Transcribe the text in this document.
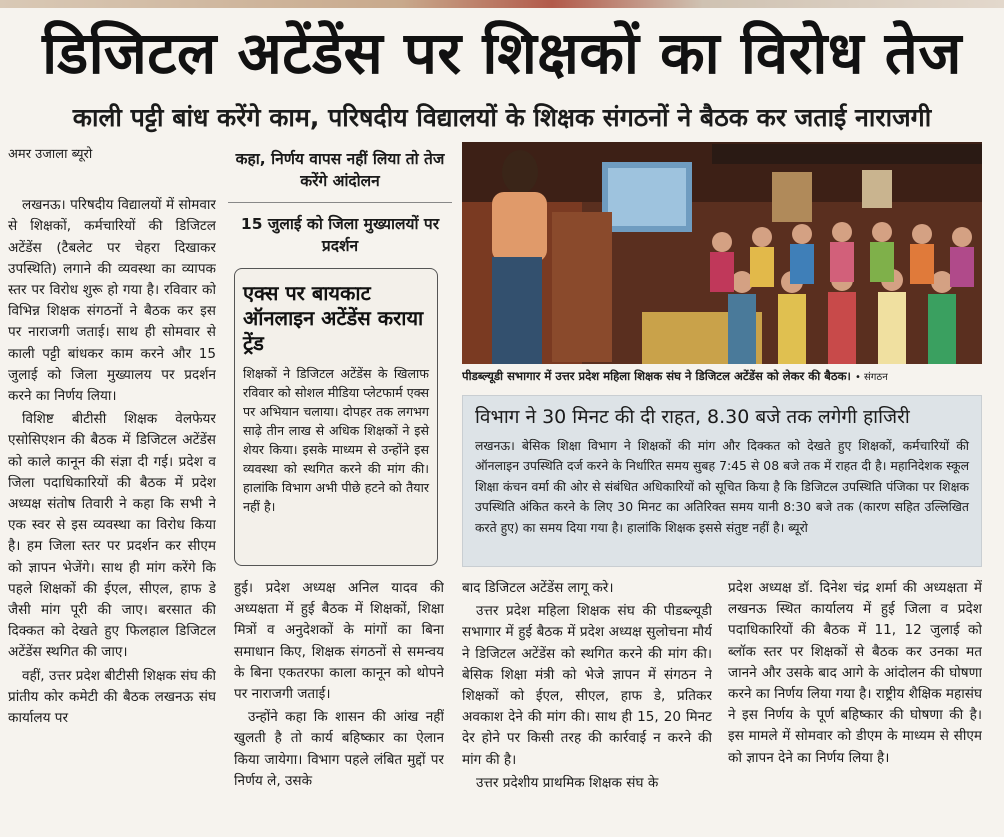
डिजिटल अटेंडेंस पर शिक्षकों का विरोध तेज
काली पट्टी बांध करेंगे काम, परिषदीय विद्यालयों के शिक्षक संगठनों ने बैठक कर जताई नाराजगी

अमर उजाला ब्यूरो

लखनऊ। परिषदीय विद्यालयों में सोमवार से शिक्षकों, कर्मचारियों की डिजिटल अटेंडेंस (टैबलेट पर चेहरा दिखाकर उपस्थिति) लगाने की व्यवस्था का व्यापक स्तर पर विरोध शुरू हो गया है। रविवार को विभिन्न शिक्षक संगठनों ने बैठक कर इस पर नाराजगी जताई। साथ ही सोमवार से काली पट्टी बांधकर काम करने और 15 जुलाई को जिला मुख्यालय पर प्रदर्शन करने का निर्णय लिया।

विशिष्ट बीटीसी शिक्षक वेलफेयर एसोसिएशन की बैठक में डिजिटल अटेंडेंस को काले कानून की संज्ञा दी गई। प्रदेश व जिला पदाधिकारियों की बैठक में प्रदेश अध्यक्ष संतोष तिवारी ने कहा कि सभी ने एक स्वर से इस व्यवस्था का विरोध किया है। हम जिला स्तर पर प्रदर्शन कर सीएम को ज्ञापन भेजेंगे। साथ ही मांग करेंगे कि पहले शिक्षकों की ईएल, सीएल, हाफ डे जैसी मांग पूरी की जाए। बरसात की दिक्कत को देखते हुए फिलहाल डिजिटल अटेंडेंस स्थगित की जाए।

वहीं, उत्तर प्रदेश बीटीसी शिक्षक संघ की प्रांतीय कोर कमेटी की बैठक लखनऊ संघ कार्यालय पर

कहा, निर्णय वापस नहीं लिया तो तेज करेंगे आंदोलन
15 जुलाई को जिला मुख्यालयों पर प्रदर्शन
एक्स पर बायकाट ऑनलाइन अटेंडेंस कराया ट्रेंड

शिक्षकों ने डिजिटल अटेंडेंस के खिलाफ रविवार को सोशल मीडिया प्लेटफार्म एक्स पर अभियान चलाया। दोपहर तक लगभग साढ़े तीन लाख से अधिक शिक्षकों ने इसे शेयर किया। इसके माध्यम से उन्होंने इस व्यवस्था को स्थगित करने की मांग की। हालांकि विभाग अभी पीछे हटने को तैयार नहीं है।

पीडब्ल्यूडी सभागार में उत्तर प्रदेश महिला शिक्षक संघ ने डिजिटल अटेंडेंस को लेकर की बैठक। • संगठन
विभाग ने 30 मिनट की दी राहत, 8.30 बजे तक लगेगी हाजिरी

लखनऊ। बेसिक शिक्षा विभाग ने शिक्षकों की मांग और दिक्कत को देखते हुए शिक्षकों, कर्मचारियों की ऑनलाइन उपस्थिति दर्ज करने के निर्धारित समय सुबह 7:45 से 08 बजे तक में राहत दी है। महानिदेशक स्कूल शिक्षा कंचन वर्मा की ओर से संबंधित अधिकारियों को सूचित किया है कि डिजिटल उपस्थिति पंजिका पर शिक्षक उपस्थिति अंकित करने के लिए 30 मिनट का अतिरिक्त समय यानी 8:30 बजे तक (कारण सहित उल्लिखित करते हुए) का समय दिया गया है। हालांकि शिक्षक इससे संतुष्ट नहीं है। ब्यूरो

हुई। प्रदेश अध्यक्ष अनिल यादव की अध्यक्षता में हुई बैठक में शिक्षकों, शिक्षा मित्रों व अनुदेशकों के मांगों का बिना समाधान किए, शिक्षक संगठनों से समन्वय के बिना एकतरफा काला कानून को थोपने पर नाराजगी जताई।

उन्होंने कहा कि शासन की आंख नहीं खुलती है तो कार्य बहिष्कार का ऐलान किया जायेगा। विभाग पहले लंबित मुद्दों पर निर्णय ले, उसके

बाद डिजिटल अटेंडेंस लागू करे।

उत्तर प्रदेश महिला शिक्षक संघ की पीडब्ल्यूडी सभागार में हुई बैठक में प्रदेश अध्यक्ष सुलोचना मौर्य ने डिजिटल अटेंडेंस को स्थगित करने की मांग की। बेसिक शिक्षा मंत्री को भेजे ज्ञापन में संगठन ने शिक्षकों को ईएल, सीएल, हाफ डे, प्रतिकर अवकाश देने की मांग की। साथ ही 15, 20 मिनट देर होने पर किसी तरह की कार्रवाई न करने की मांग की है।

उत्तर प्रदेशीय प्राथमिक शिक्षक संघ के

प्रदेश अध्यक्ष डॉ. दिनेश चंद्र शर्मा की अध्यक्षता में लखनऊ स्थित कार्यालय में हुई जिला व प्रदेश पदाधिकारियों की बैठक में 11, 12 जुलाई को ब्लॉक स्तर पर शिक्षकों से बैठक कर उनका मत जानने और उसके बाद आगे के आंदोलन की घोषणा करने का निर्णय लिया गया है। राष्ट्रीय शैक्षिक महासंघ ने इस निर्णय के पूर्ण बहिष्कार की घोषणा की है। इस मामले में सोमवार को डीएम के माध्यम से सीएम को ज्ञापन देने का निर्णय लिया है।
